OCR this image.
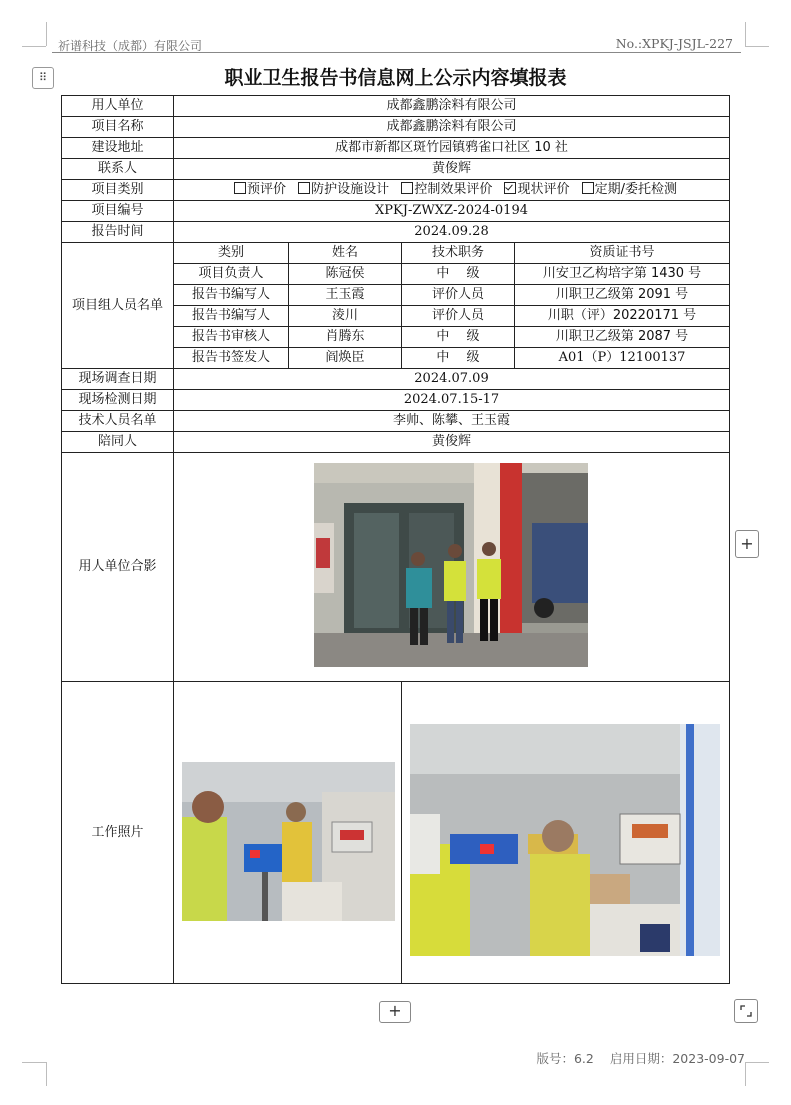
祈谱科技（成都）有限公司	No.:XPKJ-JSJL-227
⠿	职业卫生报告书信息网上公示内容填报表
用人单位	成都鑫鹏涂料有限公司			
项目名称	成都鑫鹏涂料有限公司			
建设地址	成都市新都区斑竹园镇鸦雀口社区 10 社			
联系人	黄俊辉			
项目类别	预评价 防护设施设计 控制效果评价 现状评价 定期/委托检测			
项目编号	XPKJ-ZWXZ-2024-0194			
报告时间	2024.09.28			
项目组人员名单	类别	姓名	技术职务	资质证书号
	项目负责人	陈冠侯	中　 级	川安卫乙构培字第 1430 号
	报告书编写人	王玉霞	评价人员	川职卫乙级第 2091 号
	报告书编写人	淩川	评价人员	川职（评）20220171 号
	报告书审核人	肖腾东	中　 级	川职卫乙级第 2087 号
	报告书签发人	阎焕臣	中　 级	A01（P）12100137
现场调查日期	2024.07.09			
现场检测日期	2024.07.15-17			
技术人员名单	李帅、陈攀、王玉霞			
陪同人	黄俊辉			
用人单位合影				
工作照片				
+
+
版号：6.2 启用日期：2023-09-07
